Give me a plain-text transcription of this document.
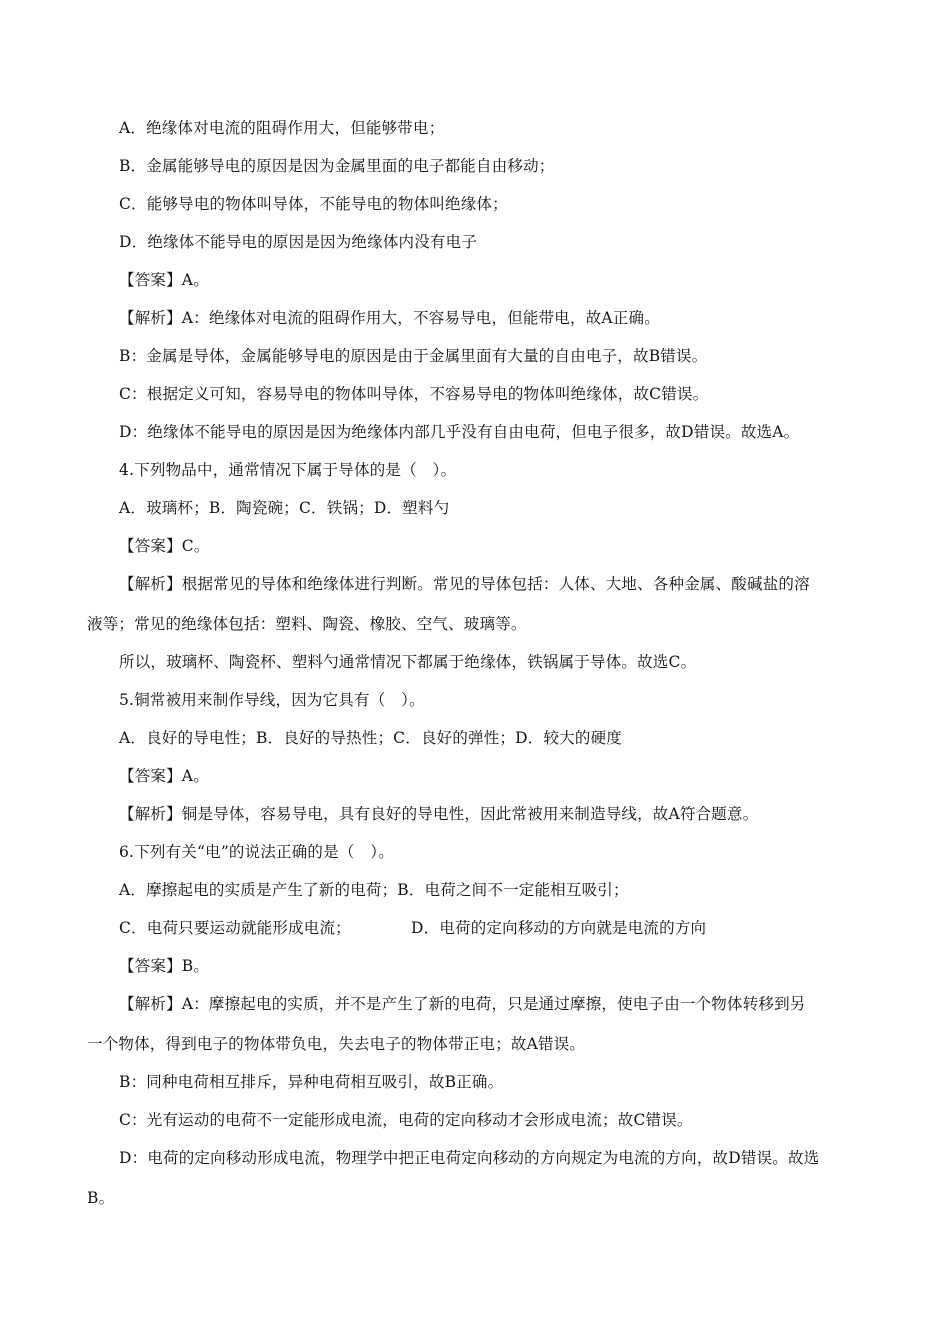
A．绝缘体对电流的阻碍作用大，但能够带电；
B．金属能够导电的原因是因为金属里面的电子都能自由移动；
C．能够导电的物体叫导体，不能导电的物体叫绝缘体；
D．绝缘体不能导电的原因是因为绝缘体内没有电子
【答案】A。
【解析】A：绝缘体对电流的阻碍作用大，不容易导电，但能带电，故A正确。
B：金属是导体，金属能够导电的原因是由于金属里面有大量的自由电子，故B错误。
C：根据定义可知，容易导电的物体叫导体，不容易导电的物体叫绝缘体，故C错误。
D：绝缘体不能导电的原因是因为绝缘体内部几乎没有自由电荷，但电子很多，故D错误。故选A。
4.下列物品中，通常情况下属于导体的是（　）。
A．玻璃杯；B．陶瓷碗；C．铁锅；D．塑料勺
【答案】C。
【解析】根据常见的导体和绝缘体进行判断。常见的导体包括：人体、大地、各种金属、酸碱盐的溶
液等；常见的绝缘体包括：塑料、陶瓷、橡胶、空气、玻璃等。
所以，玻璃杯、陶瓷杯、塑料勺通常情况下都属于绝缘体，铁锅属于导体。故选C。
5.铜常被用来制作导线，因为它具有（　）。
A．良好的导电性；B．良好的导热性；C．良好的弹性；D．较大的硬度
【答案】A。
【解析】铜是导体，容易导电，具有良好的导电性，因此常被用来制造导线，故A符合题意。
6.下列有关“电”的说法正确的是（　）。
A．摩擦起电的实质是产生了新的电荷；B．电荷之间不一定能相互吸引；
C．电荷只要运动就能形成电流；	D．电荷的定向移动的方向就是电流的方向
【答案】B。
【解析】A：摩擦起电的实质，并不是产生了新的电荷，只是通过摩擦，使电子由一个物体转移到另
一个物体，得到电子的物体带负电，失去电子的物体带正电；故A错误。
B：同种电荷相互排斥，异种电荷相互吸引，故B正确。
C：光有运动的电荷不一定能形成电流，电荷的定向移动才会形成电流；故C错误。
D：电荷的定向移动形成电流，物理学中把正电荷定向移动的方向规定为电流的方向，故D错误。故选
B。
